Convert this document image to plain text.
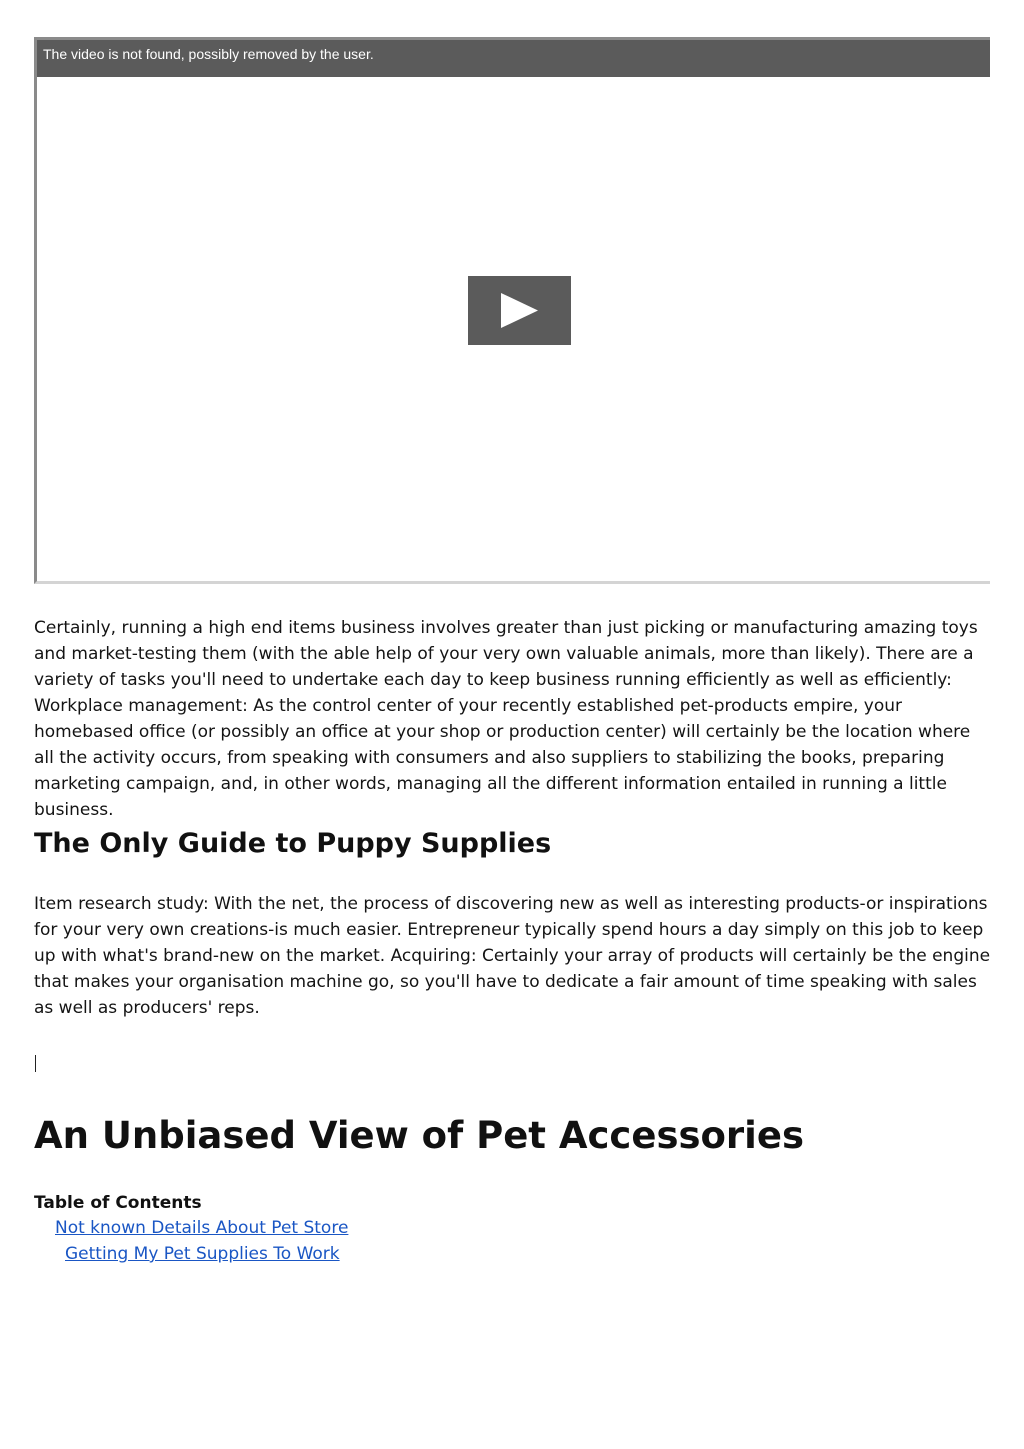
The video is not found, possibly removed by the user.

Certainly, running a high end items business involves greater than just picking or manufacturing amazing toys and market-testing them (with the able help of your very own valuable animals, more than likely). There are a variety of tasks you'll need to undertake each day to keep business running efficiently as well as efficiently: Workplace management: As the control center of your recently established pet-products empire, your homebased office (or possibly an office at your shop or production center) will certainly be the location where all the activity occurs, from speaking with consumers and also suppliers to stabilizing the books, preparing marketing campaign, and, in other words, managing all the different information entailed in running a little business.

The Only Guide to Puppy Supplies

Item research study: With the net, the process of discovering new as well as interesting products-or inspirations for your very own creations-is much easier. Entrepreneur typically spend hours a day simply on this job to keep up with what's brand-new on the market. Acquiring: Certainly your array of products will certainly be the engine that makes your organisation machine go, so you'll have to dedicate a fair amount of time speaking with sales as well as producers' reps.

An Unbiased View of Pet Accessories
Table of Contents
Not known Details About Pet Store
Getting My Pet Supplies To Work
